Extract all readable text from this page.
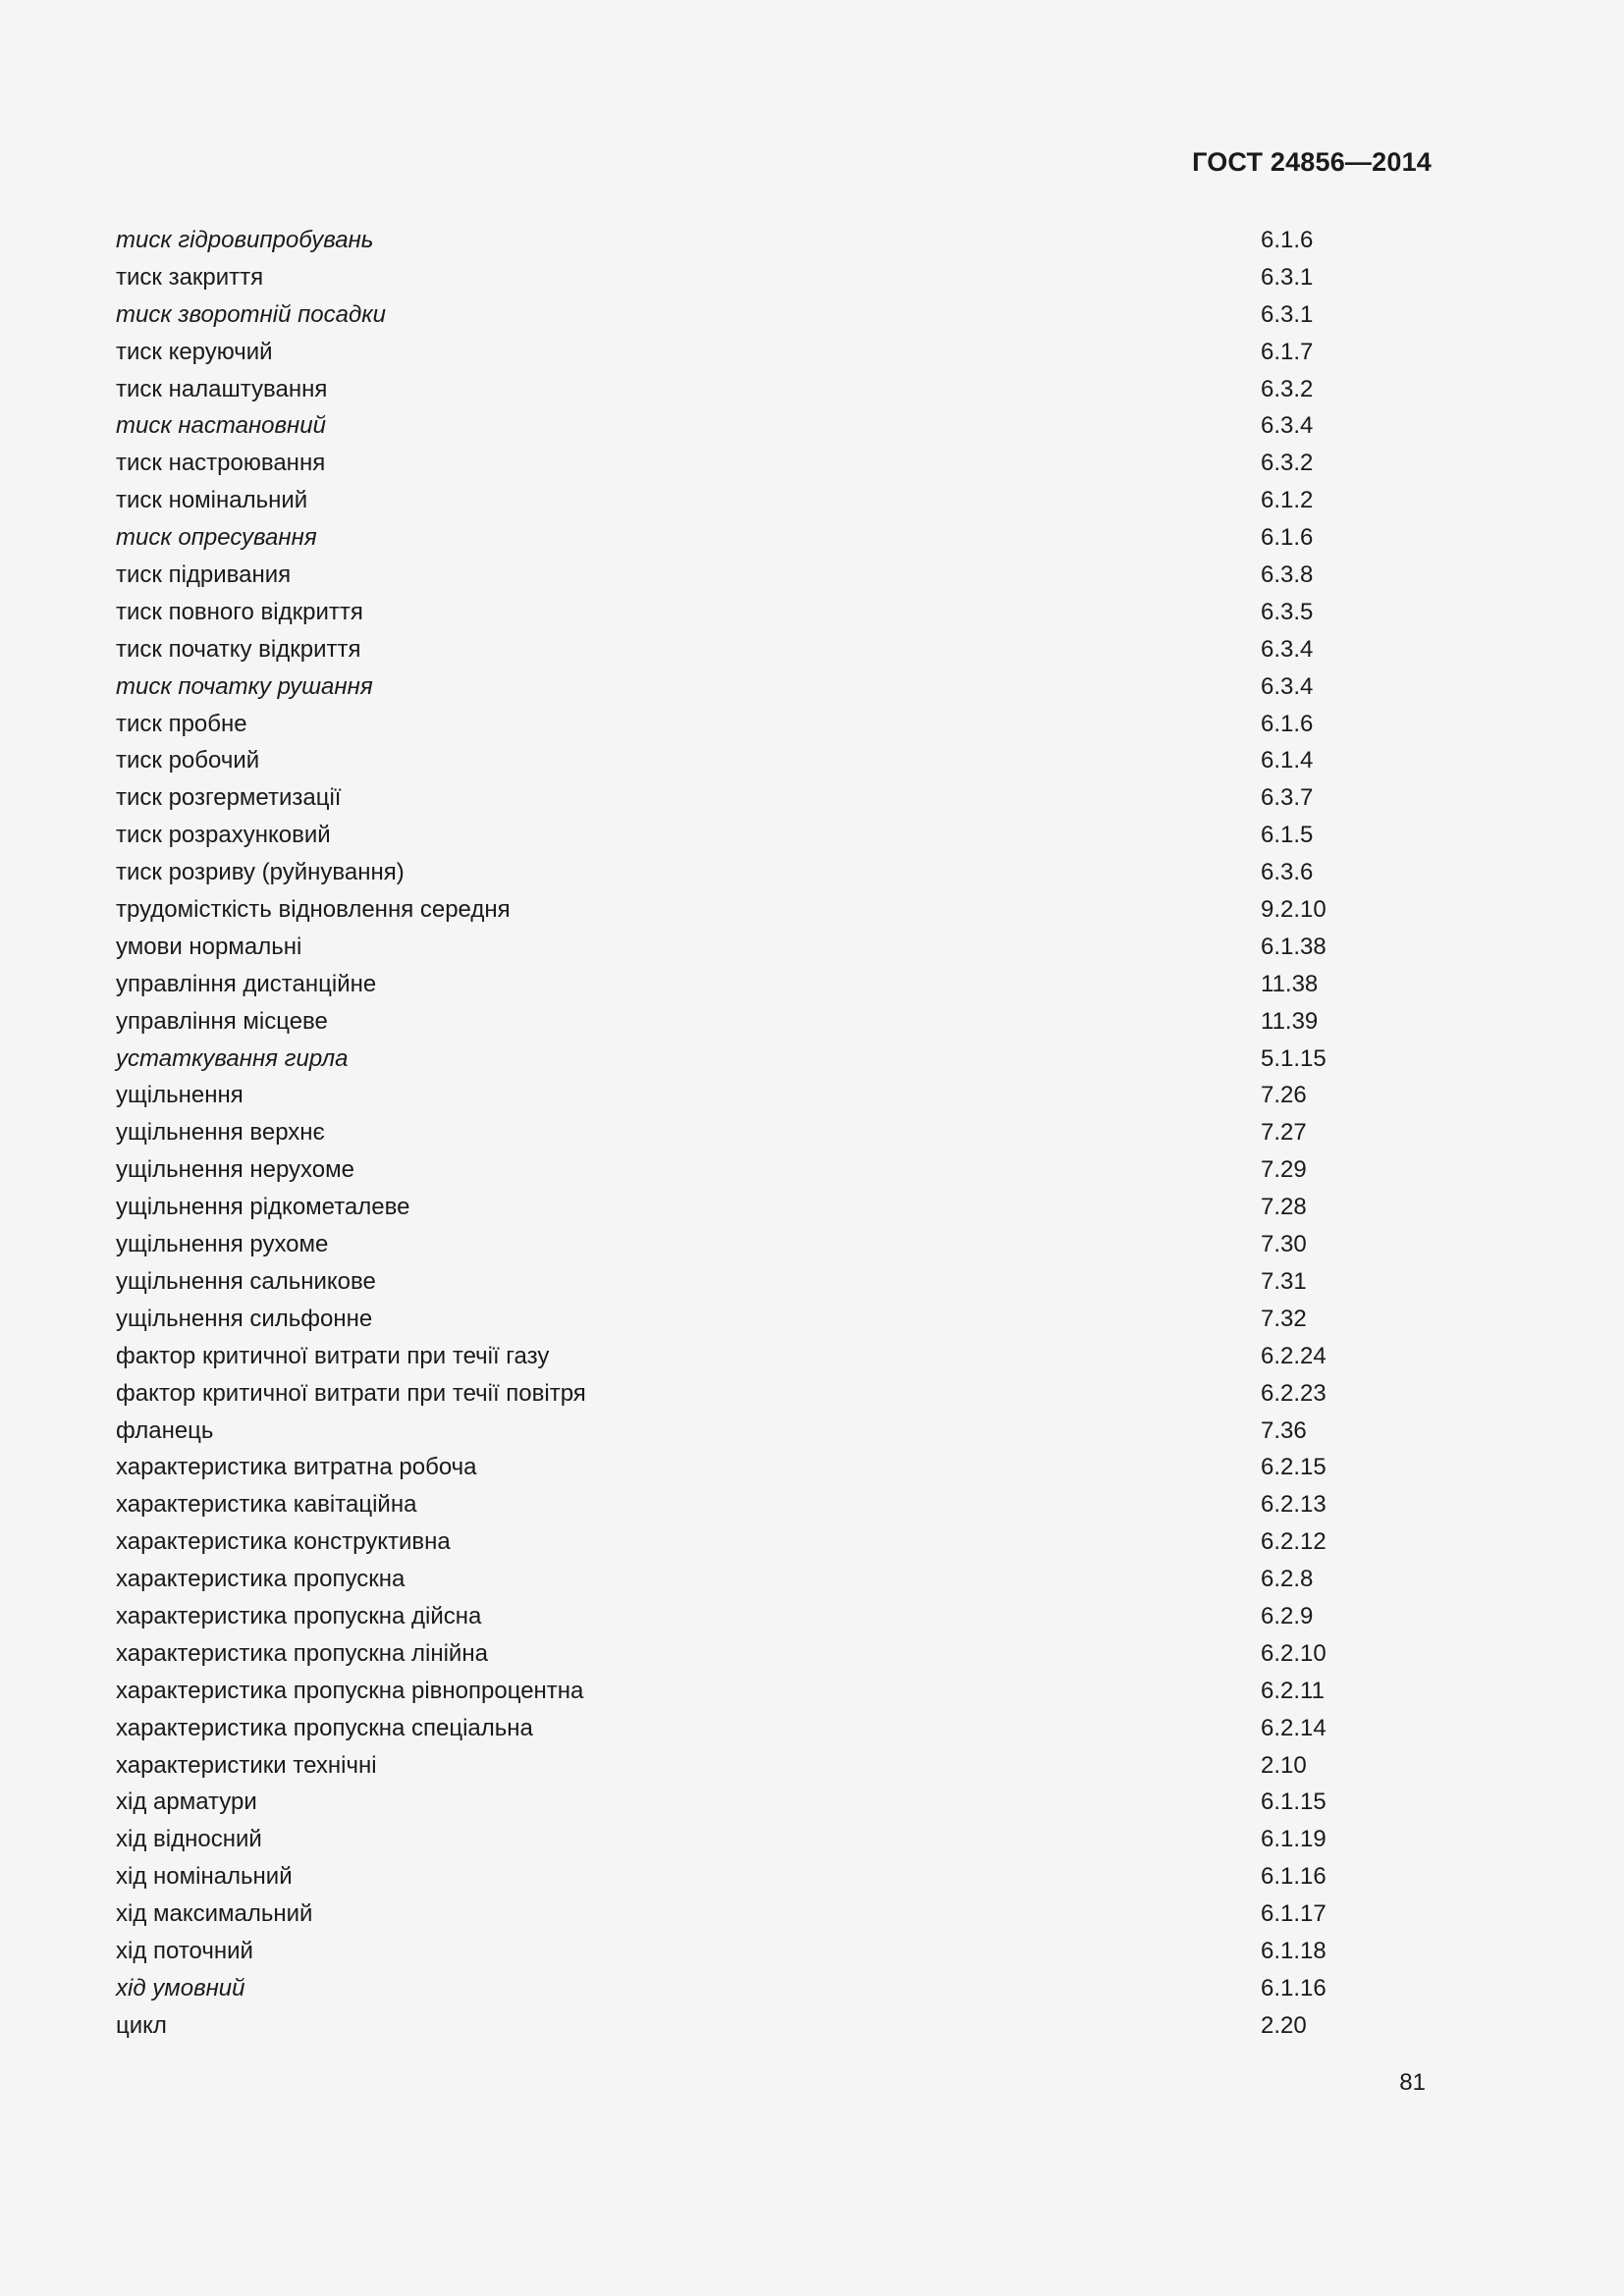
ГОСТ 24856—2014
тиск гідровипробувань	6.1.6
тиск закриття	6.3.1
тиск зворотній посадки	6.3.1
тиск керуючий	6.1.7
тиск налаштування	6.3.2
тиск настановний	6.3.4
тиск настроювання	6.3.2
тиск номінальний	6.1.2
тиск опресування	6.1.6
тиск підривания	6.3.8
тиск повного відкриття	6.3.5
тиск початку відкриття	6.3.4
тиск початку рушання	6.3.4
тиск пробне	6.1.6
тиск робочий	6.1.4
тиск розгерметизації	6.3.7
тиск розрахунковий	6.1.5
тиск розриву (руйнування)	6.3.6
трудомісткість відновлення середня	9.2.10
умови нормальні	6.1.38
управління дистанційне	11.38
управління місцеве	11.39
устаткування гирла	5.1.15
ущільнення	7.26
ущільнення верхнє	7.27
ущільнення нерухоме	7.29
ущільнення рідкометалеве	7.28
ущільнення рухоме	7.30
ущільнення сальникове	7.31
ущільнення сильфонне	7.32
фактор критичної витрати при течії газу	6.2.24
фактор критичної витрати при течії повітря	6.2.23
фланець	7.36
характеристика витратна робоча	6.2.15
характеристика кавітаційна	6.2.13
характеристика конструктивна	6.2.12
характеристика пропускна	6.2.8
характеристика пропускна дійсна	6.2.9
характеристика пропускна лінійна	6.2.10
характеристика пропускна рівнопроцентна	6.2.11
характеристика пропускна спеціальна	6.2.14
характеристики технічні	2.10
хід арматури	6.1.15
хід відносний	6.1.19
хід номінальний	6.1.16
хід максимальний	6.1.17
хід поточний	6.1.18
хід умовний	6.1.16
цикл	2.20
81
